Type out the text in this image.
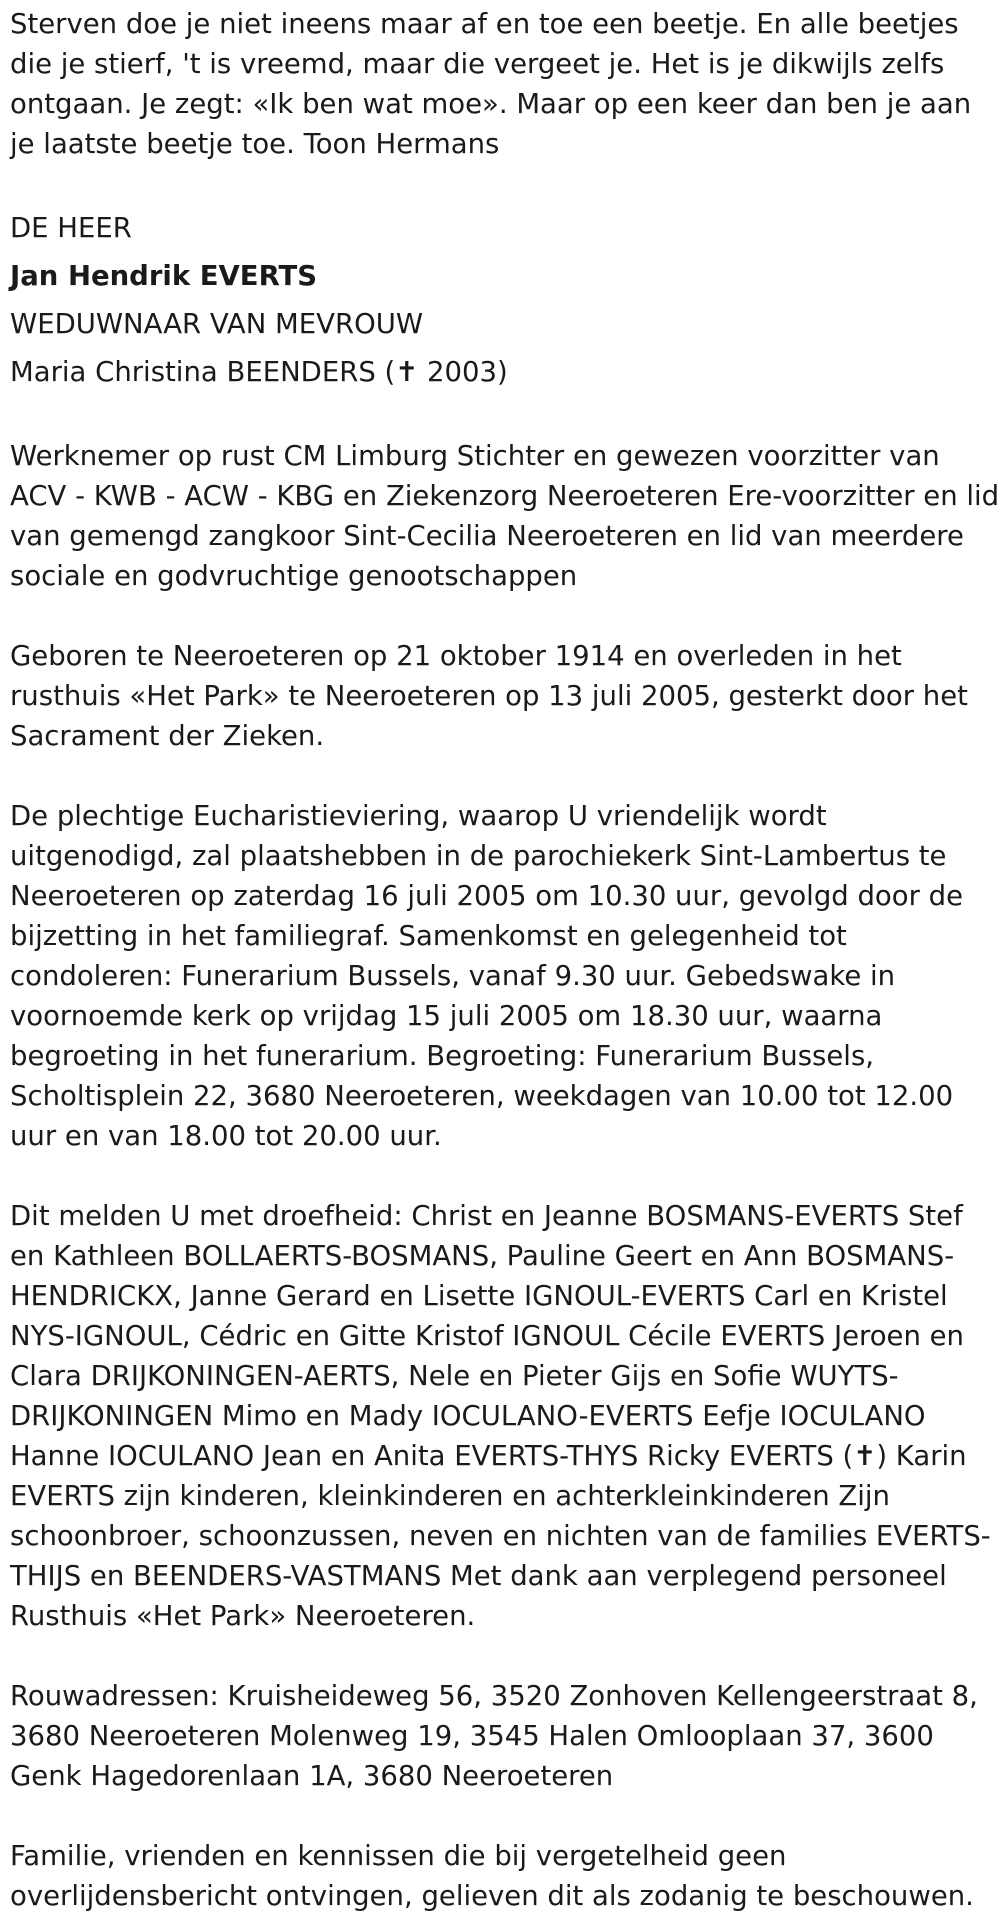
Sterven doe je niet ineens maar af en toe een beetje. En alle beetjes die je stierf, 't is vreemd, maar die vergeet je. Het is je dikwijls zelfs ontgaan. Je zegt: «Ik ben wat moe». Maar op een keer dan ben je aan je laatste beetje toe. Toon Hermans

DE HEER

Jan Hendrik EVERTS

WEDUWNAAR VAN MEVROUW

Maria Christina BEENDERS (✝ 2003)

Werknemer op rust CM Limburg Stichter en gewezen voorzitter van ACV - KWB - ACW - KBG en Ziekenzorg Neeroeteren Ere-voorzitter en lid van gemengd zangkoor Sint-Cecilia Neeroeteren en lid van meerdere sociale en godvruchtige genootschappen

Geboren te Neeroeteren op 21 oktober 1914 en overleden in het rusthuis «Het Park» te Neeroeteren op 13 juli 2005, gesterkt door het Sacrament der Zieken.

De plechtige Eucharistieviering, waarop U vriendelijk wordt uitgenodigd, zal plaatshebben in de parochiekerk Sint-Lambertus te Neeroeteren op zaterdag 16 juli 2005 om 10.30 uur, gevolgd door de bijzetting in het familiegraf. Samenkomst en gelegenheid tot condoleren: Funerarium Bussels, vanaf 9.30 uur. Gebedswake in voornoemde kerk op vrijdag 15 juli 2005 om 18.30 uur, waarna begroeting in het funerarium. Begroeting: Funerarium Bussels, Scholtisplein 22, 3680 Neeroeteren, weekdagen van 10.00 tot 12.00 uur en van 18.00 tot 20.00 uur.

Dit melden U met droefheid: Christ en Jeanne BOSMANS-EVERTS Stef en Kathleen BOLLAERTS-BOSMANS, Pauline Geert en Ann BOSMANS-HENDRICKX, Janne Gerard en Lisette IGNOUL-EVERTS Carl en Kristel NYS-IGNOUL, Cédric en Gitte Kristof IGNOUL Cécile EVERTS Jeroen en Clara DRIJKONINGEN-AERTS, Nele en Pieter Gijs en Sofie WUYTS-DRIJKONINGEN Mimo en Mady IOCULANO-EVERTS Eefje IOCULANO Hanne IOCULANO Jean en Anita EVERTS-THYS Ricky EVERTS (✝) Karin EVERTS zijn kinderen, kleinkinderen en achterkleinkinderen Zijn schoonbroer, schoonzussen, neven en nichten van de families EVERTS-THIJS en BEENDERS-VASTMANS Met dank aan verplegend personeel Rusthuis «Het Park» Neeroeteren.

Rouwadressen: Kruisheideweg 56, 3520 Zonhoven Kellengeerstraat 8, 3680 Neeroeteren Molenweg 19, 3545 Halen Omlooplaan 37, 3600 Genk Hagedorenlaan 1A, 3680 Neeroeteren

Familie, vrienden en kennissen die bij vergetelheid geen overlijdensbericht ontvingen, gelieven dit als zodanig te beschouwen.
